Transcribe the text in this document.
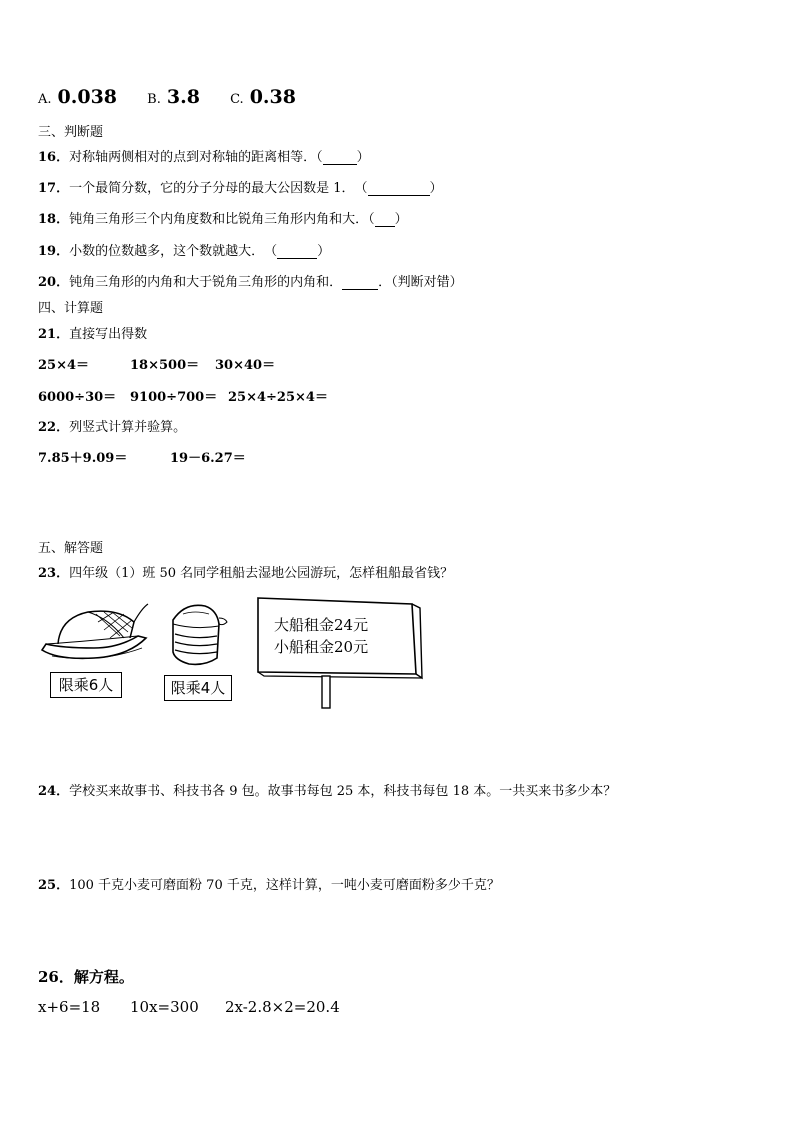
A. 0.038 B. 3.8 C. 0.38
三、判断题
16．对称轴两侧相对的点到对称轴的距离相等．（	）
17．一个最简分数，它的分子分母的最大公因数是 1．　（	）
18．钝角三角形三个内角度数和比锐角三角形内角和大．（ ）
19．小数的位数越多，这个数就越大．　（	）
20．钝角三角形的内角和大于锐角三角形的内角和．	．（判断对错）
四、计算题
21．直接写出得数
25×4＝	18×500＝ 30×40＝
6000÷30＝ 9100÷700＝ 25×4÷25×4＝
22．列竖式计算并验算。
7.85＋9.09＝	19－6.27＝
五、解答题
23．四年级（1）班 50 名同学租船去湿地公园游玩，怎样租船最省钱？
限乘6人	限乘4人
大船租金24元
小船租金20元
24．学校买来故事书、科技书各 9 包。故事书每包 25 本，科技书每包 18 本。一共买来书多少本？
25．100 千克小麦可磨面粉 70 千克，这样计算，一吨小麦可磨面粉多少千克？
26．解方程。
x+6=18 10x=300 2x-2.8×2=20.4
